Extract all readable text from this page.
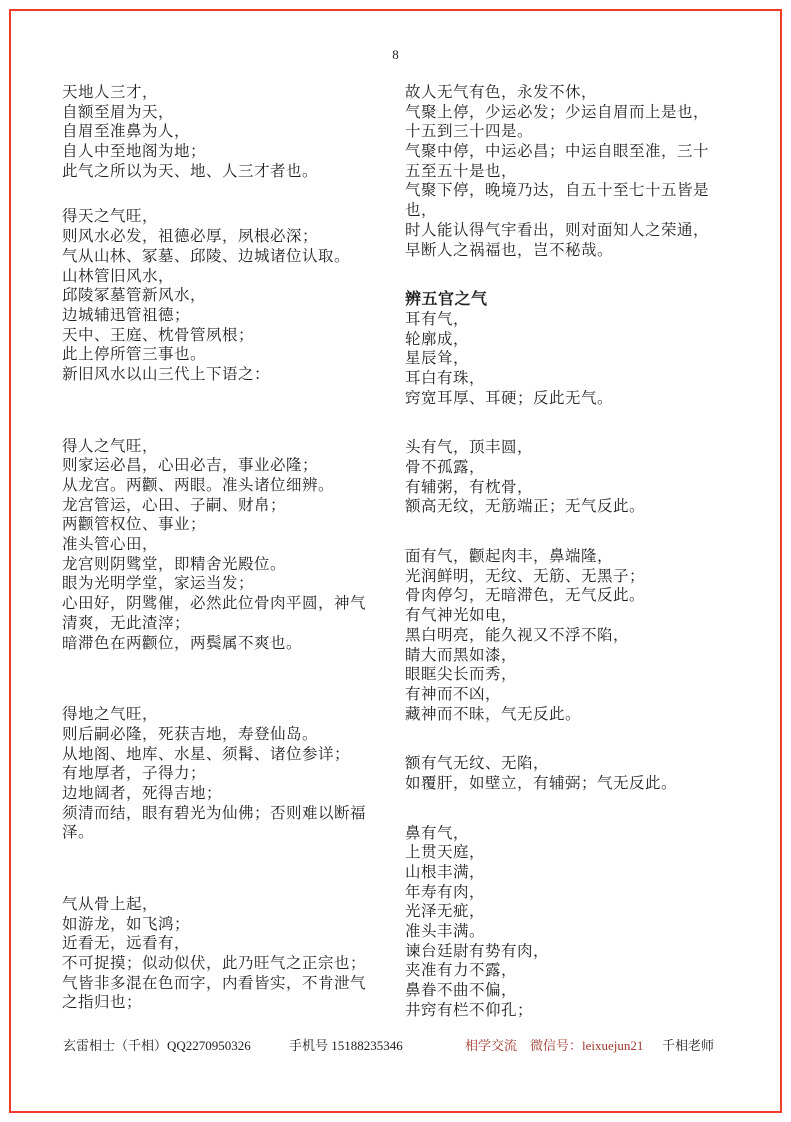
8
天地人三才，
自额至眉为天，
自眉至准鼻为人，
自人中至地阁为地；
此气之所以为天、地、人三才者也。
得天之气旺，
则风水必发，祖德必厚，夙根必深；
气从山林、冢墓、邱陵、边城诸位认取。
山林管旧风水，
邱陵冢墓管新风水，
边城辅迅管祖德；
天中、王庭、枕骨管夙根；
此上停所管三事也。
新旧风水以山三代上下语之：
得人之气旺，
则家运必昌，心田必吉，事业必隆；
从龙宫。两颧、两眼。准头诸位细辨。
龙宫管运，心田、子嗣、财帛；
两颧管权位、事业；
准头管心田，
龙宫则阴骘堂，即精舍光殿位。
眼为光明学堂，家运当发；
心田好，阴骘催，必然此位骨肉平圆，神气
清爽，无此渣滓；
暗滞色在两颧位，两鬓属不爽也。
得地之气旺，
则后嗣必隆，死获吉地，寿登仙岛。
从地阁、地库、水星、须髯、诸位参详；
有地厚者，子得力；
边地阔者，死得吉地；
须清而结，眼有碧光为仙佛；否则难以断福
泽。
气从骨上起，
如游龙，如飞鸿；
近看无，远看有，
不可捉摸；似动似伏，此乃旺气之正宗也；
气皆非多混在色而字，内看皆实，不肯泄气
之指归也；
故人无气有色，永发不休，
气聚上停，少运必发；少运自眉而上是也，
十五到三十四是。
气聚中停，中运必昌；中运自眼至准，三十
五至五十是也，
气聚下停，晚境乃达，自五十至七十五皆是
也，
时人能认得气宇看出，则对面知人之荣通，
早断人之祸福也，岂不秘哉。
辨五官之气
耳有气，
轮廓成，
星辰耸，
耳白有珠，
窍宽耳厚、耳硬；反此无气。
头有气，顶丰圆，
骨不孤露，
有辅粥，有枕骨，
额高无纹，无筋端正；无气反此。
面有气，颧起肉丰，鼻端隆，
光润鲜明，无纹、无筋、无黑子；
骨肉停匀，无暗滞色，无气反此。
有气神光如电，
黑白明亮，能久视又不浮不陷，
睛大而黑如漆，
眼眶尖长而秀，
有神而不凶，
藏神而不昧，气无反此。
额有气无纹、无陷，
如覆肝，如壁立，有辅弼；气无反此。
鼻有气，
上贯天庭，
山根丰满，
年寿有肉，
光泽无疵，
准头丰满。
谏台廷尉有势有肉，
夹准有力不露，
鼻眷不曲不偏，
井窍有栏不仰孔；
玄雷相士（千相）QQ2270950326	手机号 15188235346	相学交流　微信号：leixuejun21 千相老师
